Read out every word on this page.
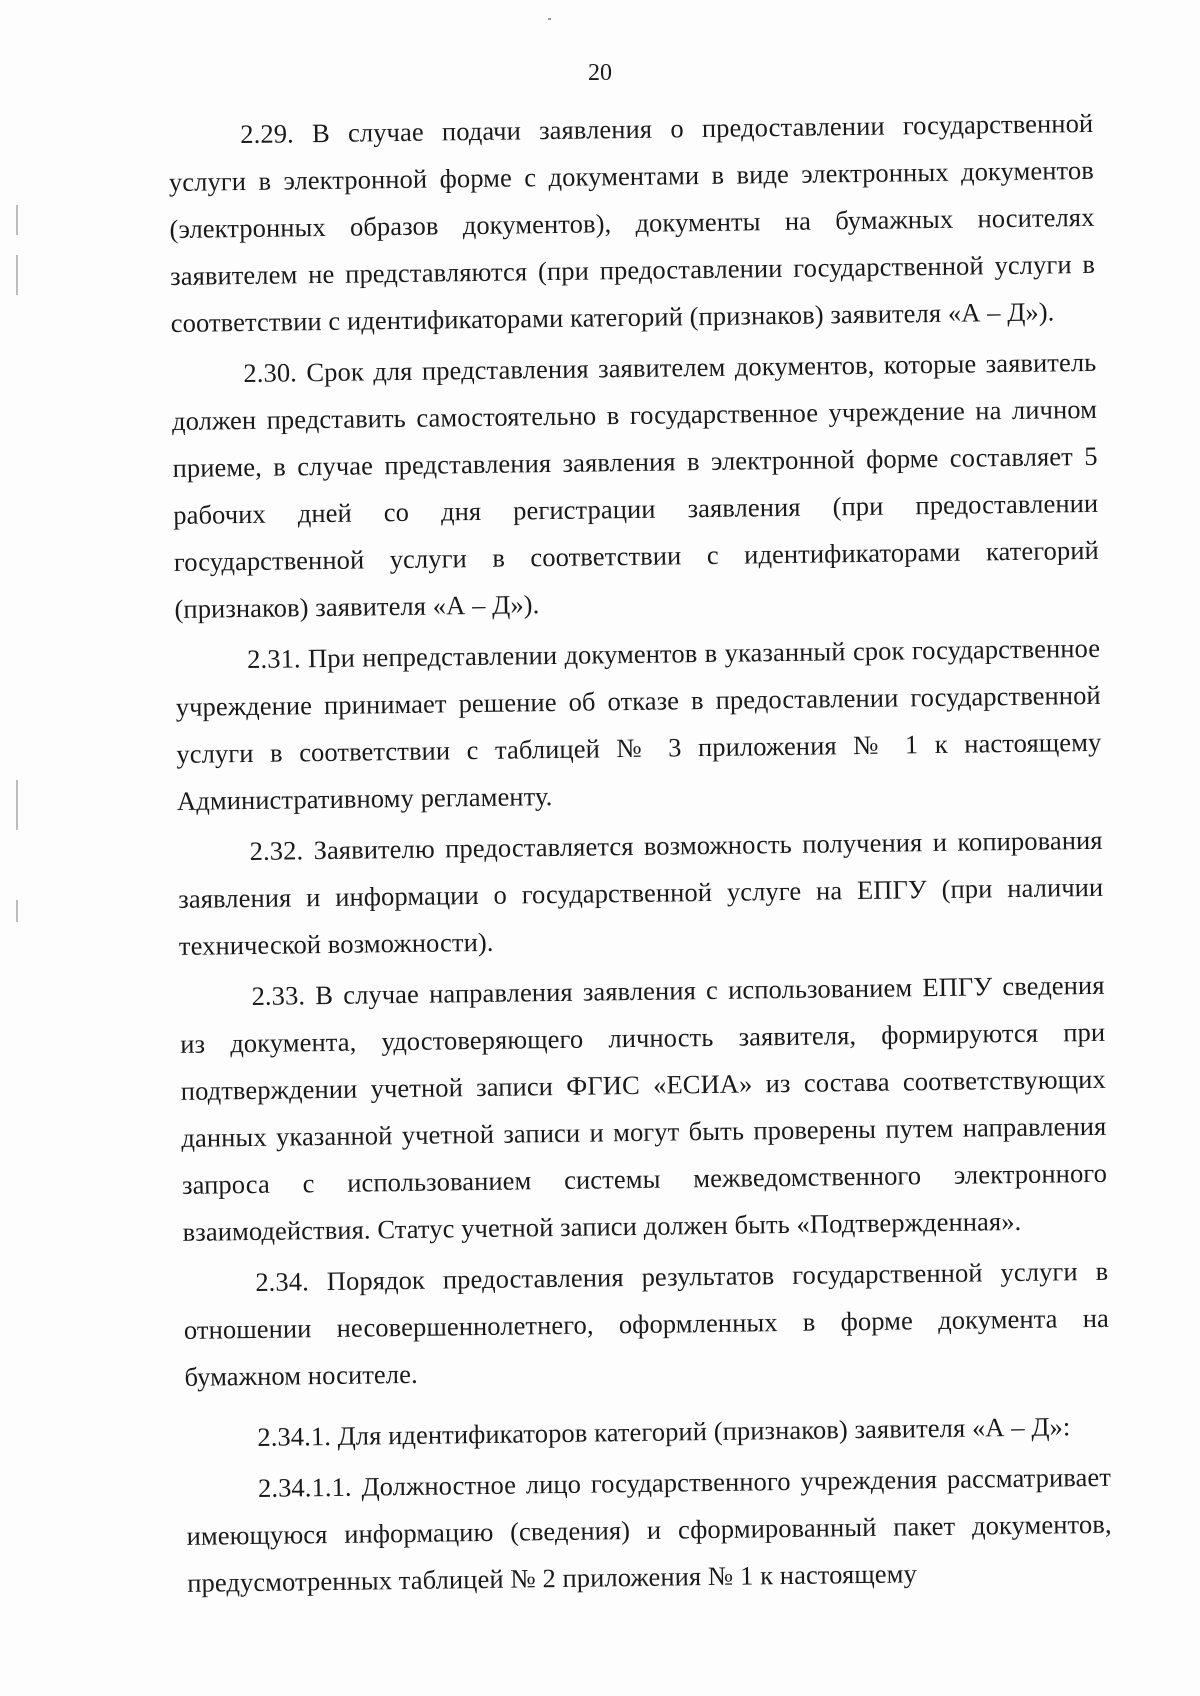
20

2.29. В случае подачи заявления о предоставлении государственной услуги в электронной форме с документами в виде электронных документов (электронных образов документов), документы на бумажных носителях заявителем не представляются (при предоставлении государственной услуги в соответствии с идентификаторами категорий (признаков) заявителя «А – Д»).

2.30. Срок для представления заявителем документов, которые заявитель должен представить самостоятельно в государственное учреждение на личном приеме, в случае представления заявления в электронной форме составляет 5 рабочих дней со дня регистрации заявления (при предоставлении государственной услуги в соответствии с идентификаторами категорий (признаков) заявителя «А – Д»).

2.31. При непредставлении документов в указанный срок государственное учреждение принимает решение об отказе в предоставлении государственной услуги в соответствии с таблицей № 3 приложения № 1 к настоящему Административному регламенту.

2.32. Заявителю предоставляется возможность получения и копирования заявления и информации о государственной услуге на ЕПГУ (при наличии технической возможности).

2.33. В случае направления заявления с использованием ЕПГУ сведения из документа, удостоверяющего личность заявителя, формируются при подтверждении учетной записи ФГИС «ЕСИА» из состава соответствующих данных указанной учетной записи и могут быть проверены путем направления запроса с использованием системы межведомственного электронного взаимодействия. Статус учетной записи должен быть «Подтвержденная».

2.34. Порядок предоставления результатов государственной услуги в отношении несовершеннолетнего, оформленных в форме документа на бумажном носителе.

2.34.1. Для идентификаторов категорий (признаков) заявителя «А – Д»:

2.34.1.1. Должностное лицо государственного учреждения рассматривает имеющуюся информацию (сведения) и сформированный пакет документов, предусмотренных таблицей № 2 приложения № 1 к настоящему
